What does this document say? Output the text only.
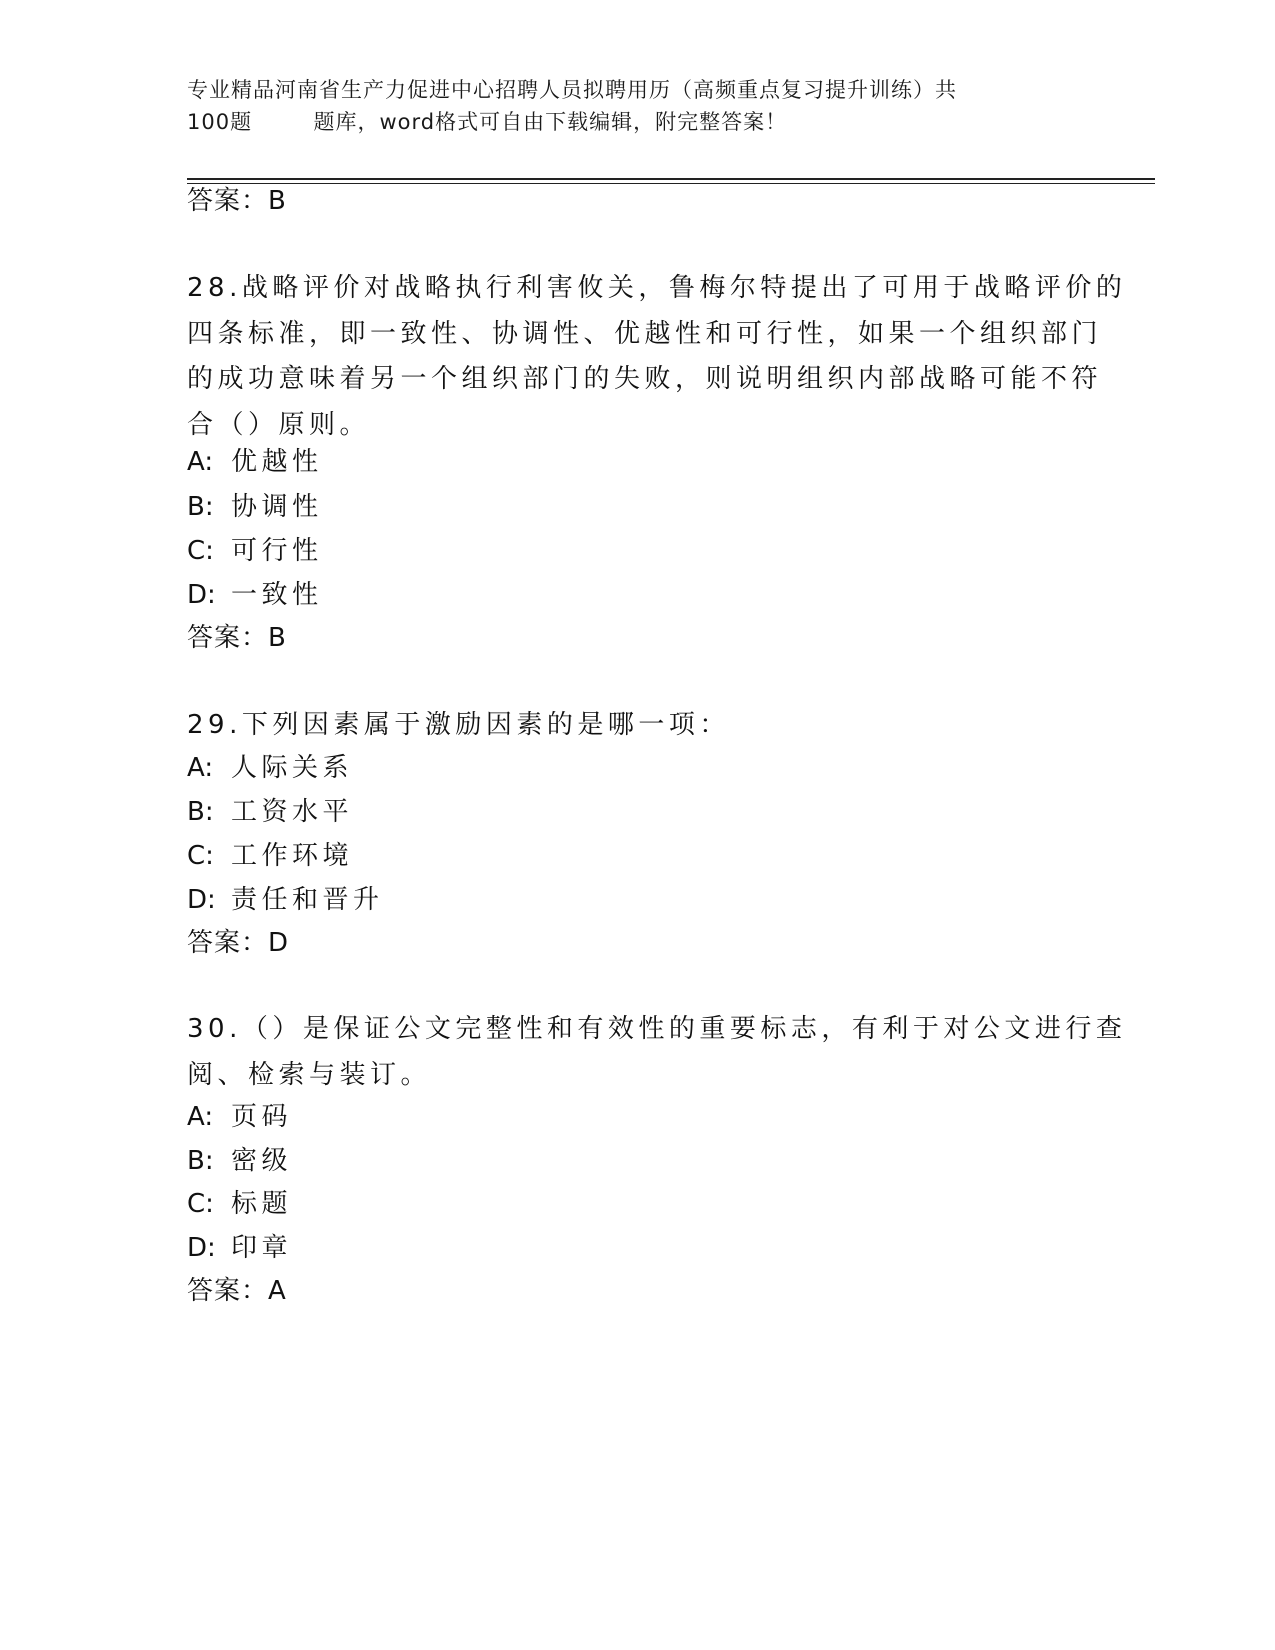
专业精品河南省生产力促进中心招聘人员拟聘用历（高频重点复习提升训练）共
100题        题库，word格式可自由下载编辑，附完整答案！
答案：B
28.战略评价对战略执行利害攸关，鲁梅尔特提出了可用于战略评价的
四条标准，即一致性、协调性、优越性和可行性，如果一个组织部门
的成功意味着另一个组织部门的失败，则说明组织内部战略可能不符
合（）原则。
A: 优越性
B: 协调性
C: 可行性
D: 一致性
答案：B
29.下列因素属于激励因素的是哪一项：
A: 人际关系
B: 工资水平
C: 工作环境
D: 责任和晋升
答案：D
30.（）是保证公文完整性和有效性的重要标志，有利于对公文进行查
阅、检索与装订。
A: 页码
B: 密级
C: 标题
D: 印章
答案：A
